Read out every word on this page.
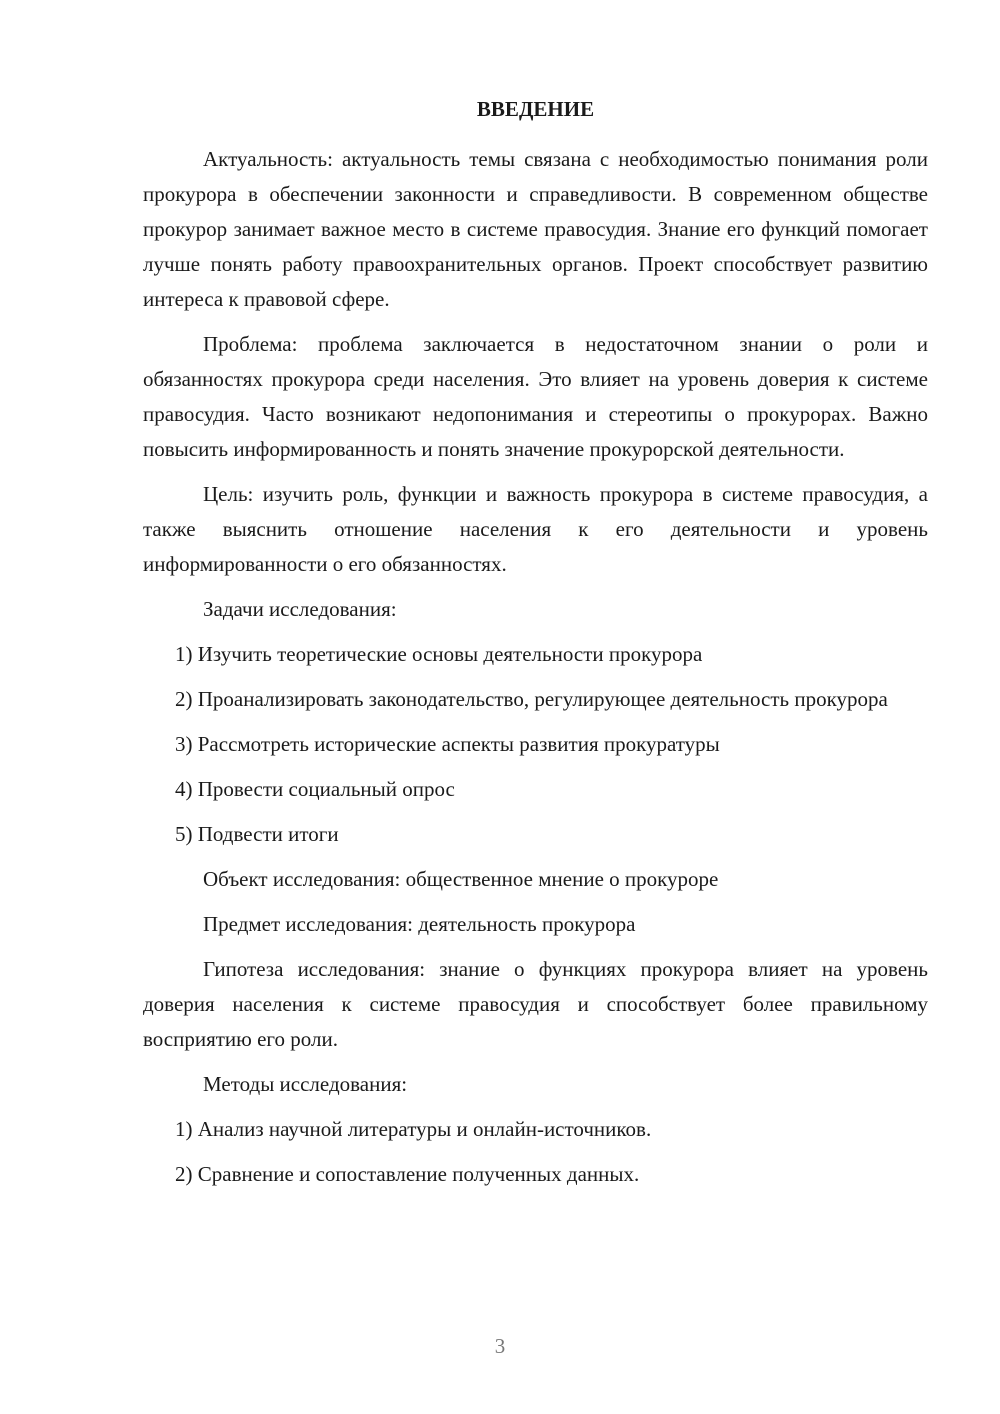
ВВЕДЕНИЕ

Актуальность: актуальность темы связана с необходимостью понимания роли прокурора в обеспечении законности и справедливости. В современном обществе прокурор занимает важное место в системе правосудия. Знание его функций помогает лучше понять работу правоохранительных органов. Проект способствует развитию интереса к правовой сфере.

Проблема: проблема заключается в недостаточном знании о роли и обязанностях прокурора среди населения. Это влияет на уровень доверия к системе правосудия. Часто возникают недопонимания и стереотипы о прокурорах. Важно повысить информированность и понять значение прокурорской деятельности.

Цель: изучить роль, функции и важность прокурора в системе правосудия, а также выяснить отношение населения к его деятельности и уровень информированности о его обязанностях.

Задачи исследования:

1) Изучить теоретические основы деятельности прокурора

2) Проанализировать законодательство, регулирующее деятельность прокурора

3) Рассмотреть исторические аспекты развития прокуратуры

4) Провести социальный опрос

5) Подвести итоги

Объект исследования: общественное мнение о прокуроре

Предмет исследования: деятельность прокурора

Гипотеза исследования: знание о функциях прокурора влияет на уровень доверия населения к системе правосудия и способствует более правильному восприятию его роли.

Методы исследования:

1) Анализ научной литературы и онлайн-источников.

2) Сравнение и сопоставление полученных данных.

3
